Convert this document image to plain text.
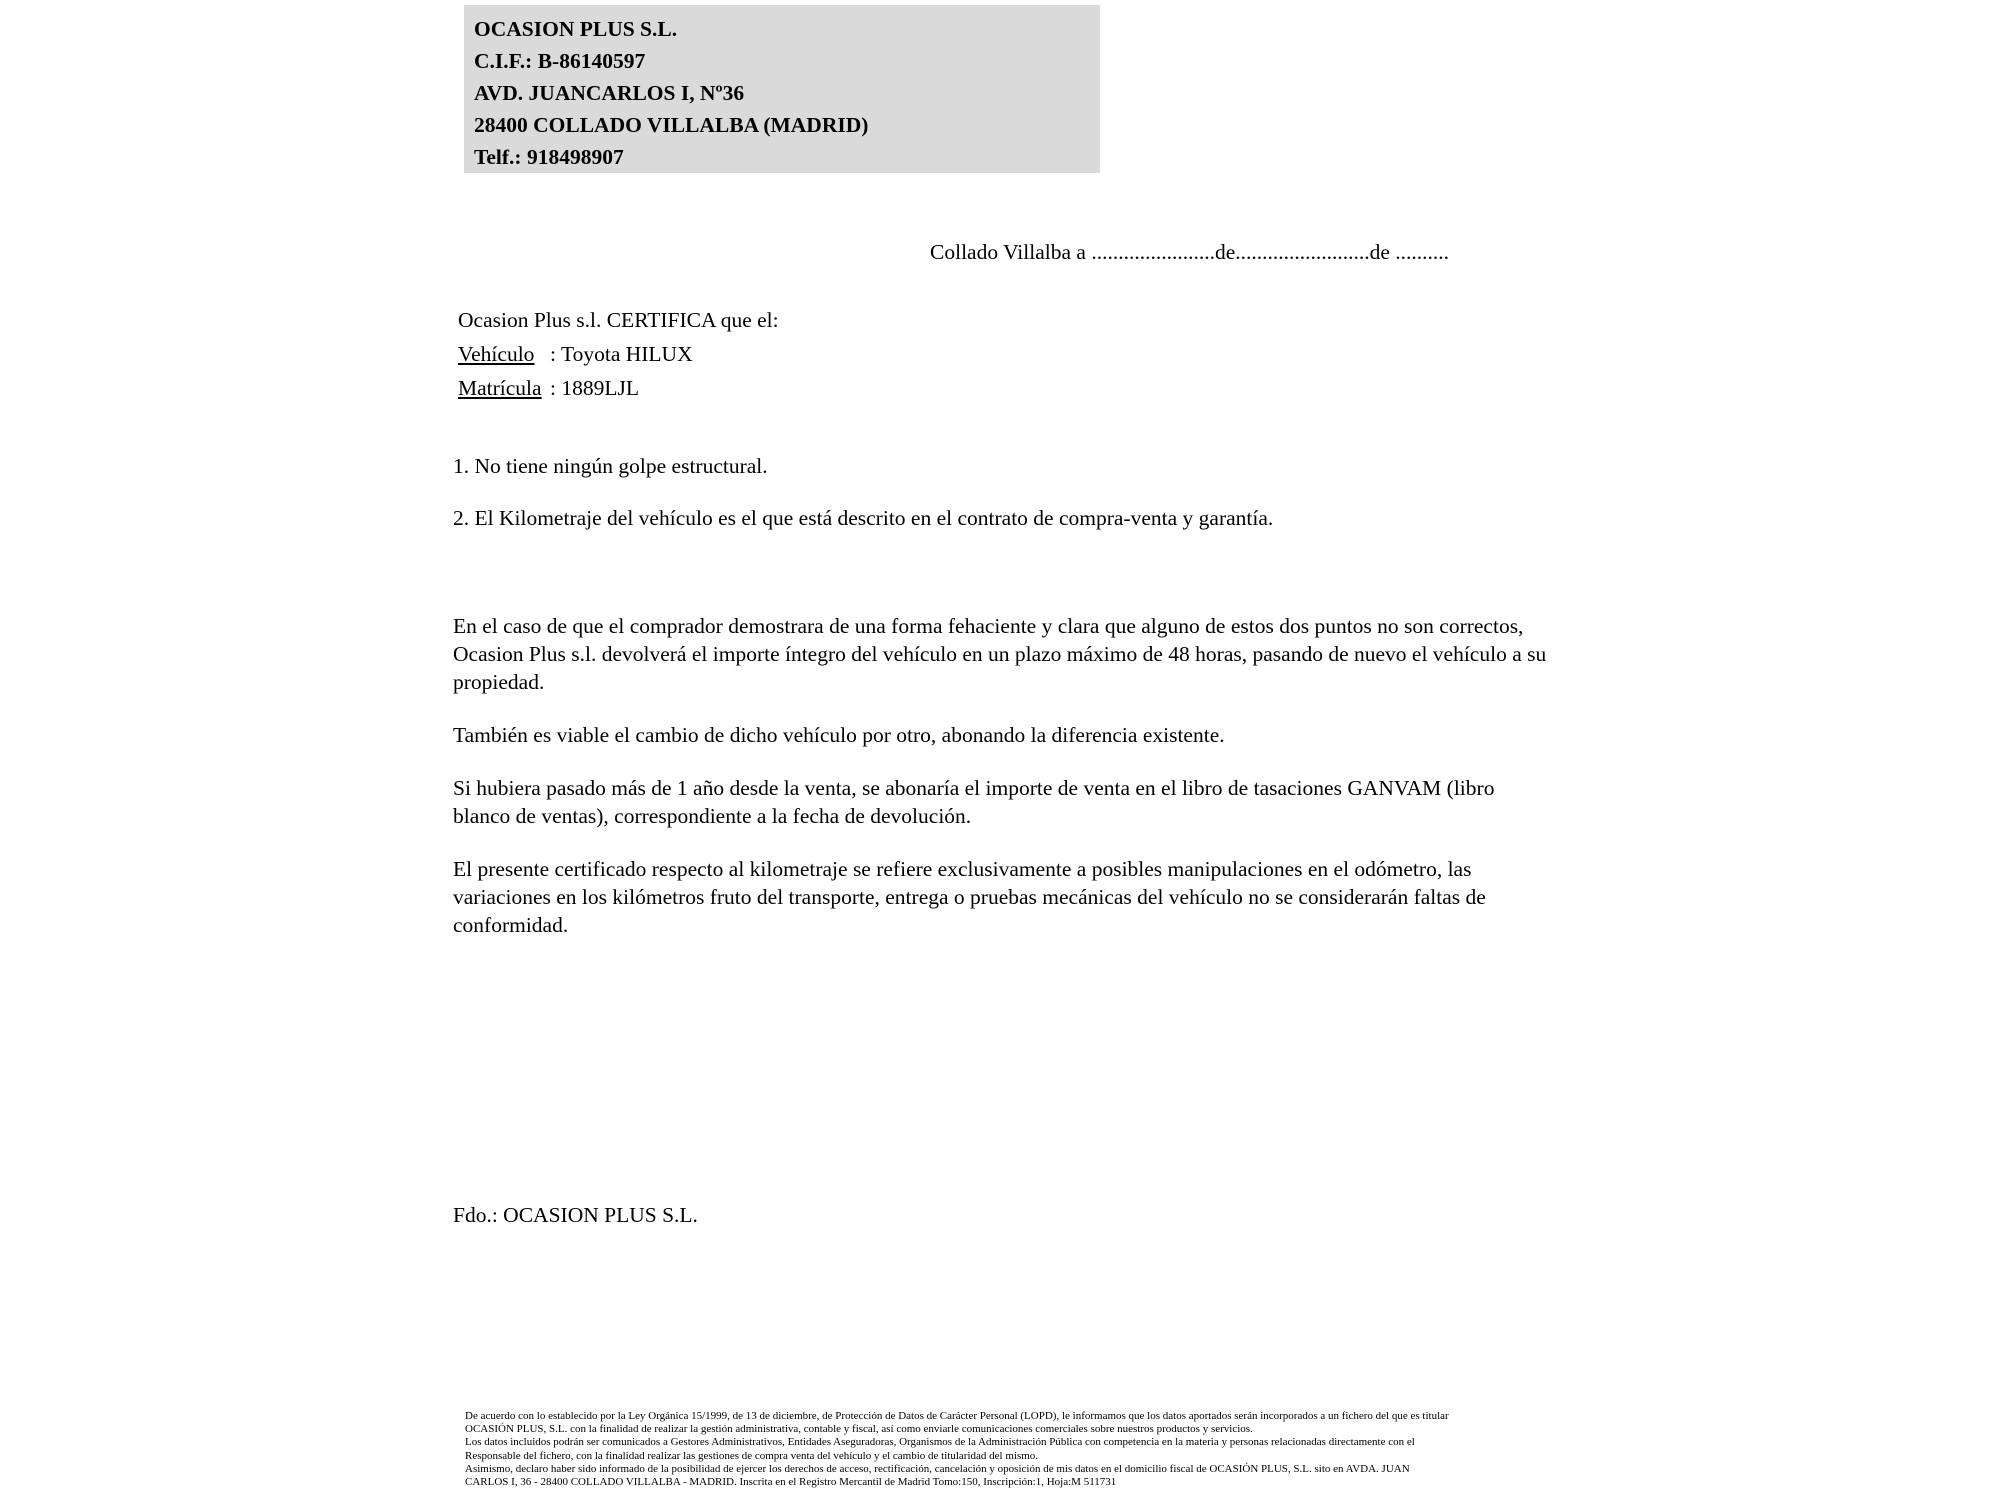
OCASION PLUS S.L.
C.I.F.: B-86140597
AVD. JUANCARLOS I, Nº36
28400 COLLADO VILLALBA (MADRID)
Telf.: 918498907
Collado Villalba a .......................de.........................de ..........
Ocasion Plus s.l. CERTIFICA que el:
Vehículo : Toyota HILUX
Matrícula : 1889LJL

1. No tiene ningún golpe estructural.

2. El Kilometraje del vehículo es el que está descrito en el contrato de compra-venta y garantía.

En el caso de que el comprador demostrara de una forma fehaciente y clara que alguno de estos dos puntos no son correctos, Ocasion Plus s.l. devolverá el importe íntegro del vehículo en un plazo máximo de 48 horas, pasando de nuevo el vehículo a su propiedad.

También es viable el cambio de dicho vehículo por otro, abonando la diferencia existente.

Si hubiera pasado más de 1 año desde la venta, se abonaría el importe de venta en el libro de tasaciones GANVAM (libro blanco de ventas), correspondiente a la fecha de devolución.

El presente certificado respecto al kilometraje se refiere exclusivamente a posibles manipulaciones en el odómetro, las variaciones en los kilómetros fruto del transporte, entrega o pruebas mecánicas del vehículo no se considerarán faltas de conformidad.

Fdo.: OCASION PLUS S.L.
De acuerdo con lo establecido por la Ley Orgánica 15/1999, de 13 de diciembre, de Protección de Datos de Carácter Personal (LOPD), le informamos que los datos aportados serán incorporados a un fichero del que es titular
OCASIÓN PLUS, S.L. con la finalidad de realizar la gestión administrativa, contable y fiscal, así como enviarle comunicaciones comerciales sobre nuestros productos y servicios.
Los datos incluidos podrán ser comunicados a Gestores Administrativos, Entidades Aseguradoras, Organismos de la Administración Pública con competencia en la materia y personas relacionadas directamente con el
Responsable del fichero, con la finalidad realizar las gestiones de compra venta del vehículo y el cambio de titularidad del mismo.
Asimismo, declaro haber sido informado de la posibilidad de ejercer los derechos de acceso, rectificación, cancelación y oposición de mis datos en el domicilio fiscal de OCASIÓN PLUS, S.L. sito en AVDA. JUAN
CARLOS I, 36 - 28400 COLLADO VILLALBA - MADRID. Inscrita en el Registro Mercantil de Madrid Tomo:150, Inscripción:1, Hoja:M 511731
